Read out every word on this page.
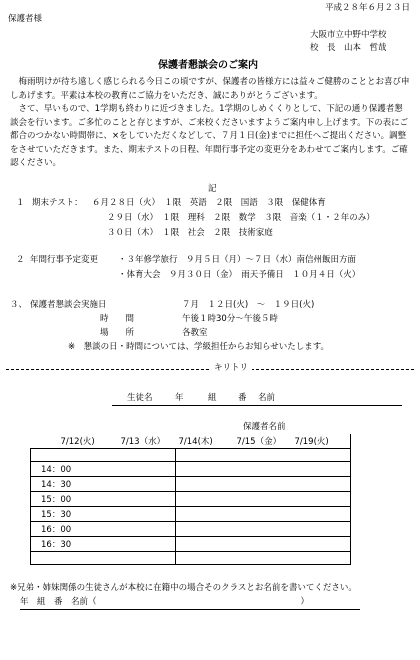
平成２８年６月２３日
保護者様
大阪市立中野中学校
校　長　山本　哲哉
保護者懇談会のご案内
　梅雨明けが待ち遠しく感じられる今日この頃ですが、保護者の皆様方には益々ご健勝のこととお喜び申しあげます。平素は本校の教育にご協力をいただき、誠にありがとうございます。
　さて、早いもので、1学期も終わりに近づきました。1学期のしめくくりとして、下記の通り保護者懇談会を行います。ご多忙のことと存じますが、ご来校くださいますようご案内申し上げます。下の表にご都合のつかない時間帯に、×をしていただくなどして、７月１日(金)までに担任へご提出ください。調整をさせていただきます。また、期末テストの日程、年間行事予定の変更分をあわせてご案内します。ご確認ください。
記
１ 期末テスト： ６月２８日（火）　１限　英語　２限　国語　３限　保健体育
２９日（水）　１限　理科　２限　数学　３限　音楽（１・２年のみ）
３０日（木）　１限　社会　２限　技術家庭
２ 年間行事予定変更 ・３年修学旅行　９月５日（月）～７日（水）南信州飯田方面
・体育大会　９月３０日（金）　雨天予備日　１０月４日（火）
３、 保護者懇談会実施日	７月　１２日(火)　～　１９日(火)
時　　間	午後１時30分～午後５時
場　　所	各教室
※　懇談の日・時間については、学級担任からお知らせいたします。
キリトリ
生徒名	年	組	番 名前
保護者名前
7/12(火) 7/13（水） 7/14(木) 7/15（金） 7/19(火)	

14：00	
14：30	
15：00	
15：30	
16：00	
16：30	

※兄弟・姉妹関係の生徒さんが本校に在籍中の場合そのクラスとお名前を書いてください。
年　組　番　名前（　　　　　　　　　　　　　　　　　　　　　　　　）
